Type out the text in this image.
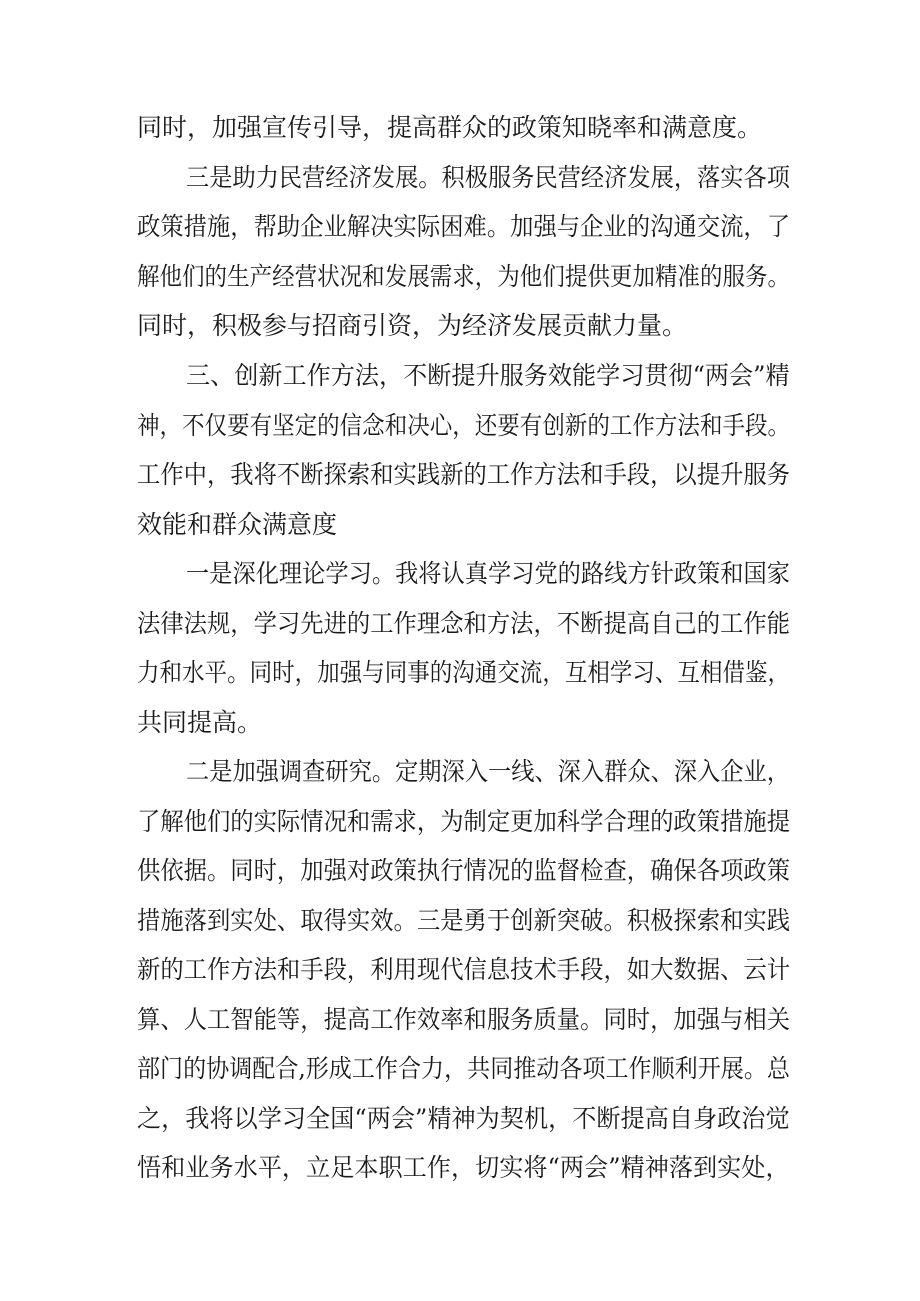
同时，加强宣传引导，提高群众的政策知晓率和满意度。
三是助力民营经济发展。积极服务民营经济发展，落实各项
政策措施，帮助企业解决实际困难。加强与企业的沟通交流，了
解他们的生产经营状况和发展需求，为他们提供更加精准的服务。
同时，积极参与招商引资，为经济发展贡献力量。
三、创新工作方法，不断提升服务效能学习贯彻“两会”精
神，不仅要有坚定的信念和决心，还要有创新的工作方法和手段。
工作中，我将不断探索和实践新的工作方法和手段，以提升服务
效能和群众满意度
一是深化理论学习。我将认真学习党的路线方针政策和国家
法律法规，学习先进的工作理念和方法，不断提高自己的工作能
力和水平。同时，加强与同事的沟通交流，互相学习、互相借鉴，
共同提高。
二是加强调查研究。定期深入一线、深入群众、深入企业，
了解他们的实际情况和需求，为制定更加科学合理的政策措施提
供依据。同时，加强对政策执行情况的监督检查，确保各项政策
措施落到实处、取得实效。三是勇于创新突破。积极探索和实践
新的工作方法和手段，利用现代信息技术手段，如大数据、云计
算、人工智能等，提高工作效率和服务质量。同时，加强与相关
部门的协调配合,形成工作合力，共同推动各项工作顺利开展。总
之，我将以学习全国“两会”精神为契机，不断提高自身政治觉
悟和业务水平，立足本职工作，切实将“两会”精神落到实处，
